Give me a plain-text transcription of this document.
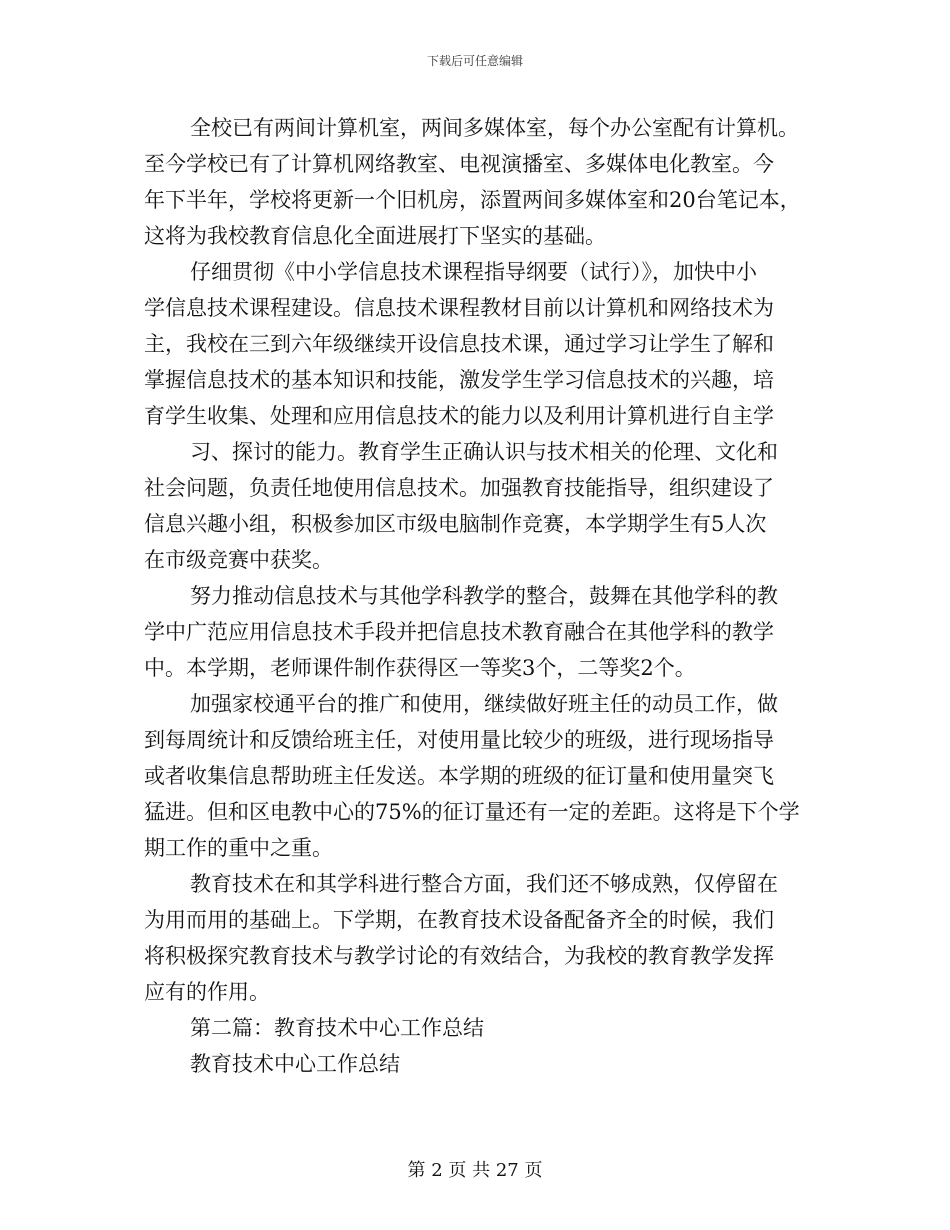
下载后可任意编辑
全校已有两间计算机室，两间多媒体室，每个办公室配有计算机。
至今学校已有了计算机网络教室、电视演播室、多媒体电化教室。今
年下半年，学校将更新一个旧机房，添置两间多媒体室和20台笔记本，
这将为我校教育信息化全面进展打下坚实的基础。
仔细贯彻《中小学信息技术课程指导纲要（试行）》，加快中小
学信息技术课程建设。信息技术课程教材目前以计算机和网络技术为
主，我校在三到六年级继续开设信息技术课，通过学习让学生了解和
掌握信息技术的基本知识和技能，激发学生学习信息技术的兴趣，培
育学生收集、处理和应用信息技术的能力以及利用计算机进行自主学
习、探讨的能力。教育学生正确认识与技术相关的伦理、文化和
社会问题，负责任地使用信息技术。加强教育技能指导，组织建设了
信息兴趣小组，积极参加区市级电脑制作竞赛，本学期学生有5人次
在市级竞赛中获奖。
努力推动信息技术与其他学科教学的整合，鼓舞在其他学科的教
学中广范应用信息技术手段并把信息技术教育融合在其他学科的教学
中。本学期，老师课件制作获得区一等奖3个，二等奖2个。
加强家校通平台的推广和使用，继续做好班主任的动员工作，做
到每周统计和反馈给班主任，对使用量比较少的班级，进行现场指导
或者收集信息帮助班主任发送。本学期的班级的征订量和使用量突飞
猛进。但和区电教中心的75%的征订量还有一定的差距。这将是下个学
期工作的重中之重。
教育技术在和其学科进行整合方面，我们还不够成熟，仅停留在
为用而用的基础上。下学期，在教育技术设备配备齐全的时候，我们
将积极探究教育技术与教学讨论的有效结合，为我校的教育教学发挥
应有的作用。
第二篇：教育技术中心工作总结
教育技术中心工作总结
第 2 页 共 27 页
